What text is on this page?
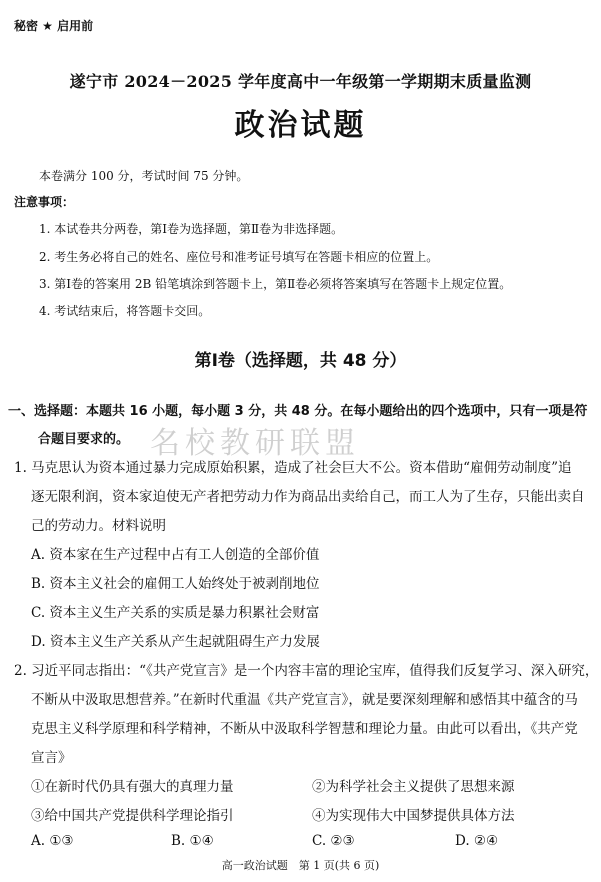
秘密 ★ 启用前
遂宁市 2024－2025 学年度高中一年级第一学期期末质量监测
政治试题
本卷满分 100 分，考试时间 75 分钟。
注意事项：
1. 本试卷共分两卷，第Ⅰ卷为选择题，第Ⅱ卷为非选择题。
2. 考生务必将自己的姓名、座位号和准考证号填写在答题卡相应的位置上。
3. 第Ⅰ卷的答案用 2B 铅笔填涂到答题卡上，第Ⅱ卷必须将答案填写在答题卡上规定位置。
4. 考试结束后，将答题卡交回。
第Ⅰ卷（选择题，共 48 分）
名校教研联盟
一、选择题：本题共 16 小题，每小题 3 分，共 48 分。在每小题给出的四个选项中，只有一项是符
合题目要求的。
1. 马克思认为资本通过暴力完成原始积累，造成了社会巨大不公。资本借助“雇佣劳动制度”追
逐无限利润，资本家迫使无产者把劳动力作为商品出卖给自己，而工人为了生存，只能出卖自
己的劳动力。材料说明
A. 资本家在生产过程中占有工人创造的全部价值
B. 资本主义社会的雇佣工人始终处于被剥削地位
C. 资本主义生产关系的实质是暴力积累社会财富
D. 资本主义生产关系从产生起就阻碍生产力发展
2. 习近平同志指出：“《共产党宣言》是一个内容丰富的理论宝库，值得我们反复学习、深入研究，
不断从中汲取思想营养。”在新时代重温《共产党宣言》，就是要深刻理解和感悟其中蕴含的马
克思主义科学原理和科学精神，不断从中汲取科学智慧和理论力量。由此可以看出，《共产党
宣言》
①在新时代仍具有强大的真理力量	②为科学社会主义提供了思想来源
③给中国共产党提供科学理论指引	④为实现伟大中国梦提供具体方法
A. ①③	B. ①④	C. ②③	D. ②④
高一政治试题　第 1 页(共 6 页)
